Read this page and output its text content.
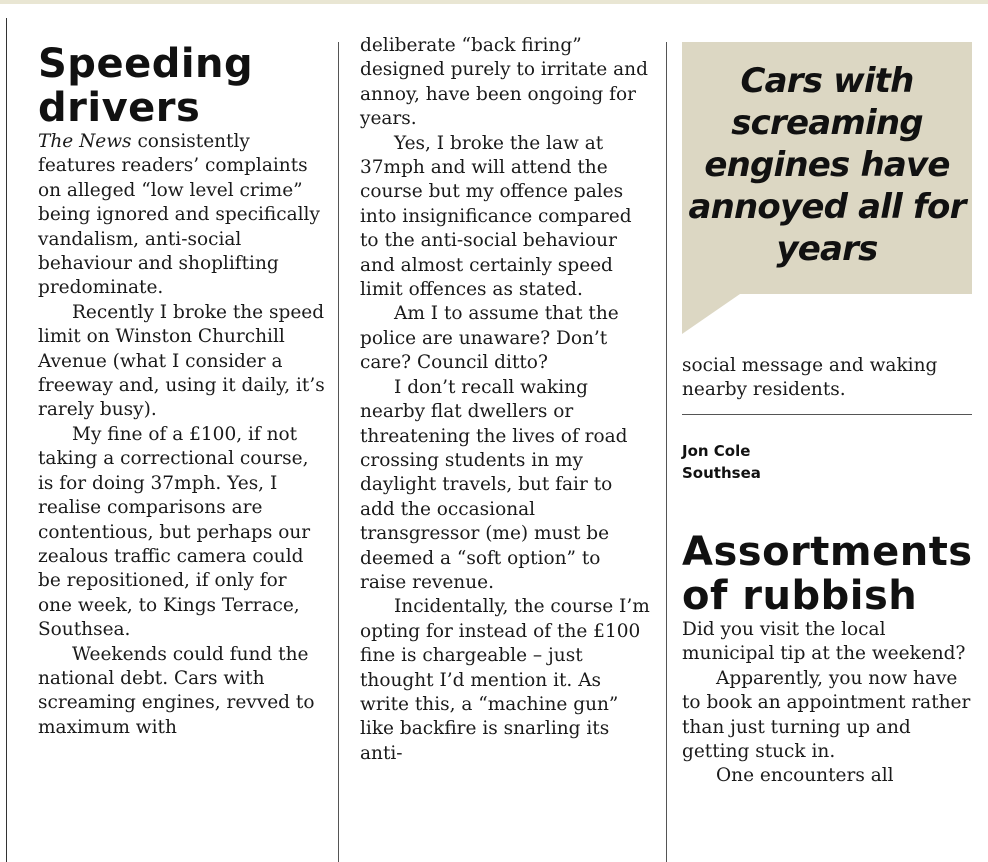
Speeding
drivers

The News consistently features readers’ complaints on alleged “low level crime” being ignored and specifically vandalism, anti-social behaviour and shoplifting predominate.

Recently I broke the speed limit on Winston Churchill Avenue (what I consider a freeway and, using it daily, it’s rarely busy).

My fine of a £100, if not taking a correctional course, is for doing 37mph. Yes, I realise comparisons are contentious, but perhaps our zealous traffic camera could be repositioned, if only for one week, to Kings Terrace, Southsea.

Weekends could fund the national debt. Cars with screaming engines, revved to maximum with

deliberate “back firing” designed purely to irritate and annoy, have been ongoing for years.

Yes, I broke the law at 37mph and will attend the course but my offence pales into insignificance compared to the anti-social behaviour and almost certainly speed limit offences as stated.

Am I to assume that the police are unaware? Don’t care? Council ditto?

I don’t recall waking nearby flat dwellers or threatening the lives of road crossing students in my daylight travels, but fair to add the occasional transgressor (me) must be deemed a “soft option” to raise revenue.

Incidentally, the course I’m opting for instead of the £100 fine is chargeable – just thought I’d mention it. As write this, a “machine gun” like backfire is snarling its anti-

Cars with
screaming
engines have
annoyed all for
years

social message and waking nearby residents.

Jon Cole
Southsea
Assortments
of rubbish

Did you visit the local municipal tip at the weekend?

Apparently, you now have to book an appointment rather than just turning up and getting stuck in.

One encounters all
